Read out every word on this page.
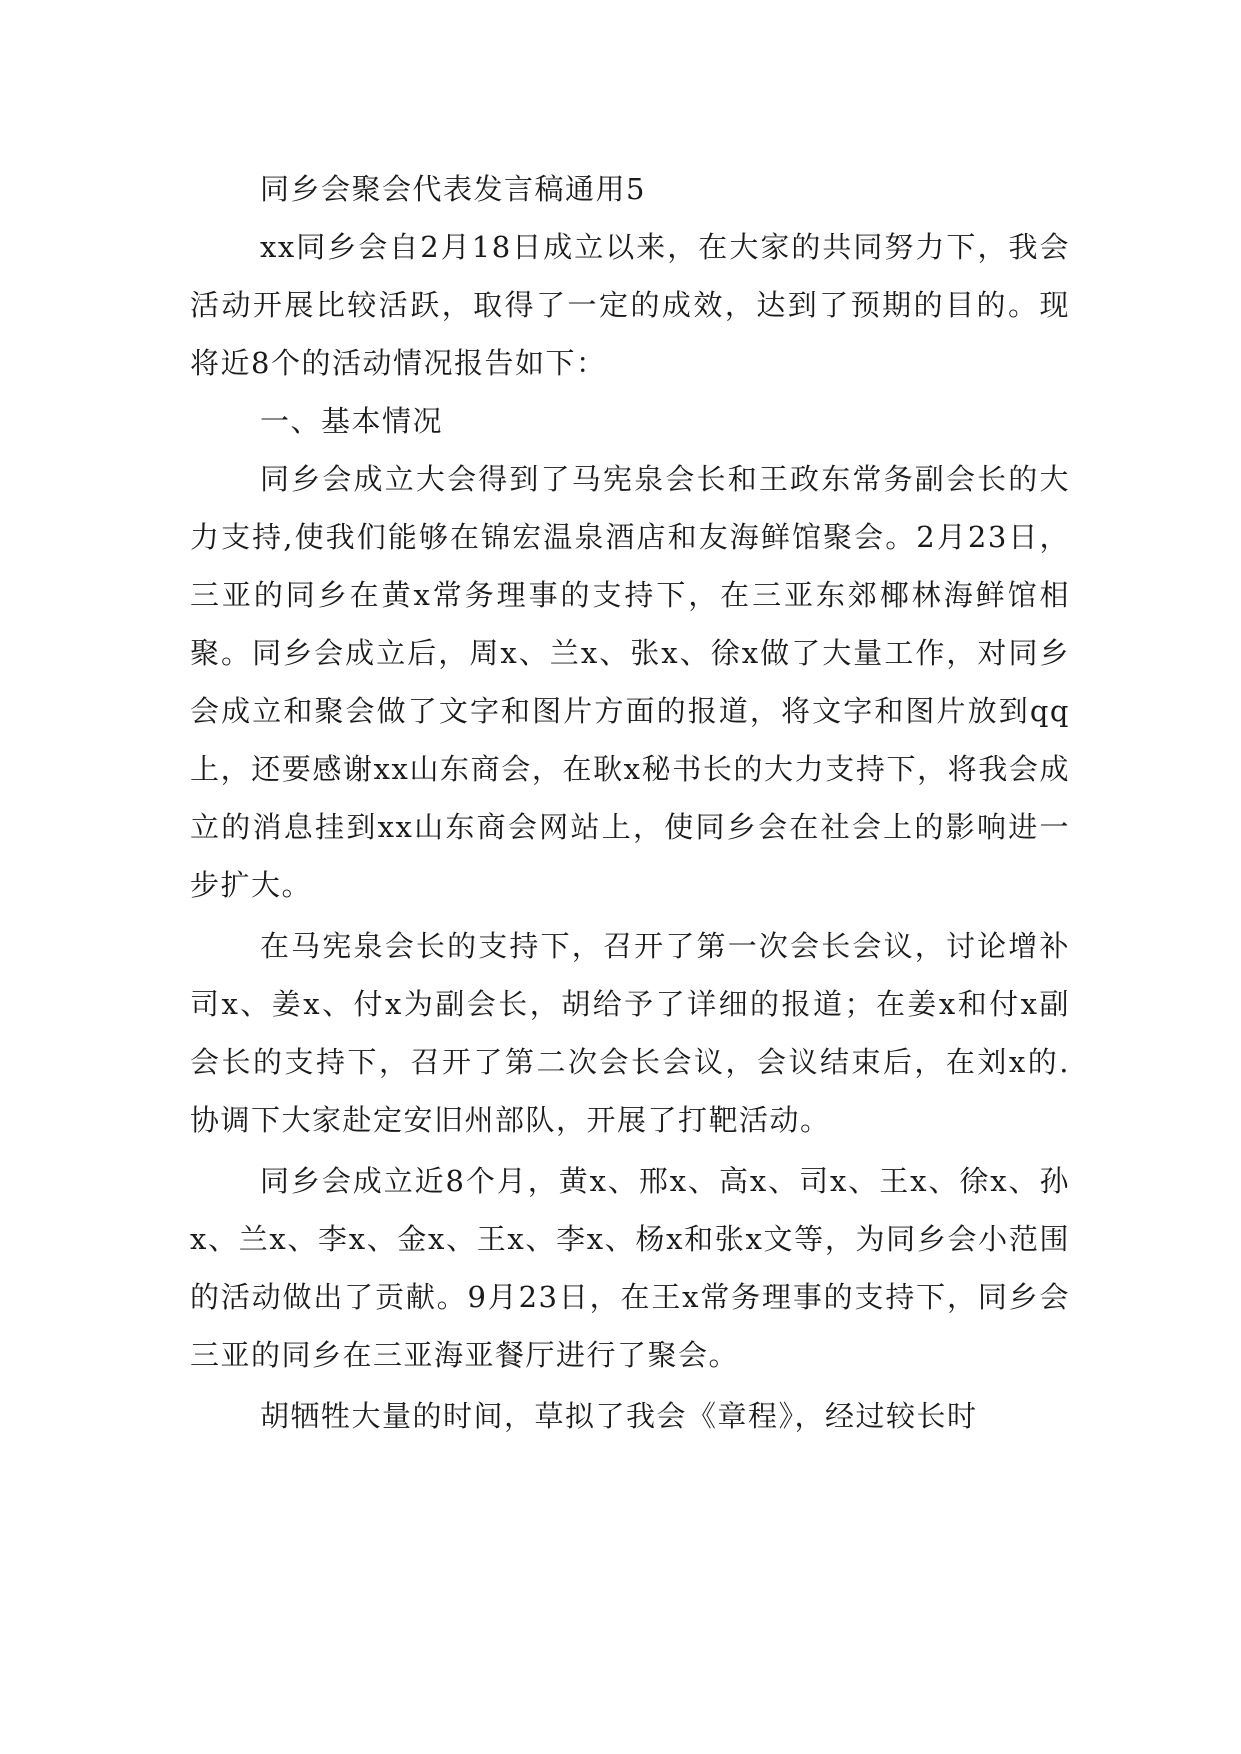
同乡会聚会代表发言稿通用5

xx同乡会自2月18日成立以来，在大家的共同努力下，我会活动开展比较活跃，取得了一定的成效，达到了预期的目的。现将近8个的活动情况报告如下：

一、基本情况

同乡会成立大会得到了马宪泉会长和王政东常务副会长的大力支持,使我们能够在锦宏温泉酒店和友海鲜馆聚会。2月23日，三亚的同乡在黄x常务理事的支持下，在三亚东郊椰林海鲜馆相聚。同乡会成立后，周x、兰x、张x、徐x做了大量工作，对同乡会成立和聚会做了文字和图片方面的报道，将文字和图片放到qq上，还要感谢xx山东商会，在耿x秘书长的大力支持下，将我会成立的消息挂到xx山东商会网站上，使同乡会在社会上的影响进一步扩大。

在马宪泉会长的支持下，召开了第一次会长会议，讨论增补司x、姜x、付x为副会长，胡给予了详细的报道；在姜x和付x副会长的支持下，召开了第二次会长会议，会议结束后，在刘x的.协调下大家赴定安旧州部队，开展了打靶活动。

同乡会成立近8个月，黄x、邢x、高x、司x、王x、徐x、孙x、兰x、李x、金x、王x、李x、杨x和张x文等，为同乡会小范围的活动做出了贡献。9月23日，在王x常务理事的支持下，同乡会三亚的同乡在三亚海亚餐厅进行了聚会。

胡牺牲大量的时间，草拟了我会《章程》，经过较长时
